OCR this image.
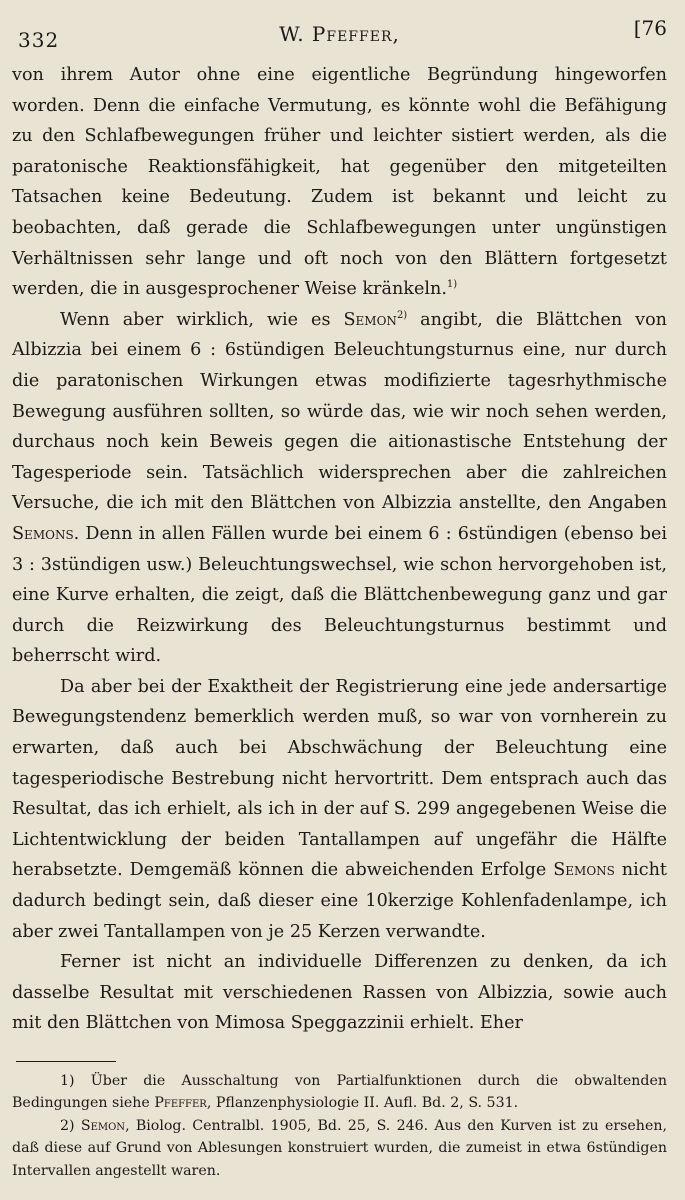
332	W. Pfeffer,	[76

von ihrem Autor ohne eine eigentliche Begründung hingeworfen worden. Denn die einfache Vermutung, es könnte wohl die Befähigung zu den Schlafbewegungen früher und leichter sistiert werden, als die paratonische Reaktionsfähigkeit, hat gegenüber den mitgeteilten Tatsachen keine Bedeutung. Zudem ist bekannt und leicht zu beobachten, daß gerade die Schlafbewegungen unter ungünstigen Verhältnissen sehr lange und oft noch von den Blättern fortgesetzt werden, die in ausgesprochener Weise kränkeln.$^{1)}$

Wenn aber wirklich, wie es Semon$^{2)}$ angibt, die Blättchen von Albizzia bei einem 6 : 6stündigen Beleuchtungsturnus eine, nur durch die paratonischen Wirkungen etwas modifizierte tagesrhythmische Bewegung ausführen sollten, so würde das, wie wir noch sehen werden, durchaus noch kein Beweis gegen die aitionastische Entstehung der Tagesperiode sein. Tatsächlich widersprechen aber die zahlreichen Versuche, die ich mit den Blättchen von Albizzia anstellte, den Angaben Semons. Denn in allen Fällen wurde bei einem 6 : 6stündigen (ebenso bei 3 : 3stündigen usw.) Beleuchtungswechsel, wie schon hervorgehoben ist, eine Kurve erhalten, die zeigt, daß die Blättchenbewegung ganz und gar durch die Reizwirkung des Beleuchtungsturnus bestimmt und beherrscht wird.

Da aber bei der Exaktheit der Registrierung eine jede andersartige Bewegungstendenz bemerklich werden muß, so war von vornherein zu erwarten, daß auch bei Abschwächung der Beleuchtung eine tagesperiodische Bestrebung nicht hervortritt. Dem entsprach auch das Resultat, das ich erhielt, als ich in der auf S. 299 angegebenen Weise die Lichtentwicklung der beiden Tantallampen auf ungefähr die Hälfte herabsetzte. Demgemäß können die abweichenden Erfolge Semons nicht dadurch bedingt sein, daß dieser eine 10kerzige Kohlenfadenlampe, ich aber zwei Tantallampen von je 25 Kerzen verwandte.

Ferner ist nicht an individuelle Differenzen zu denken, da ich dasselbe Resultat mit verschiedenen Rassen von Albizzia, sowie auch mit den Blättchen von Mimosa Speggazzinii erhielt. Eher

1) Über die Ausschaltung von Partialfunktionen durch die obwaltenden Bedingungen siehe Pfeffer, Pflanzenphysiologie II. Aufl. Bd. 2, S. 531.

2) Semon, Biolog. Centralbl. 1905, Bd. 25, S. 246. Aus den Kurven ist zu ersehen, daß diese auf Grund von Ablesungen konstruiert wurden, die zumeist in etwa 6stündigen Intervallen angestellt waren.
